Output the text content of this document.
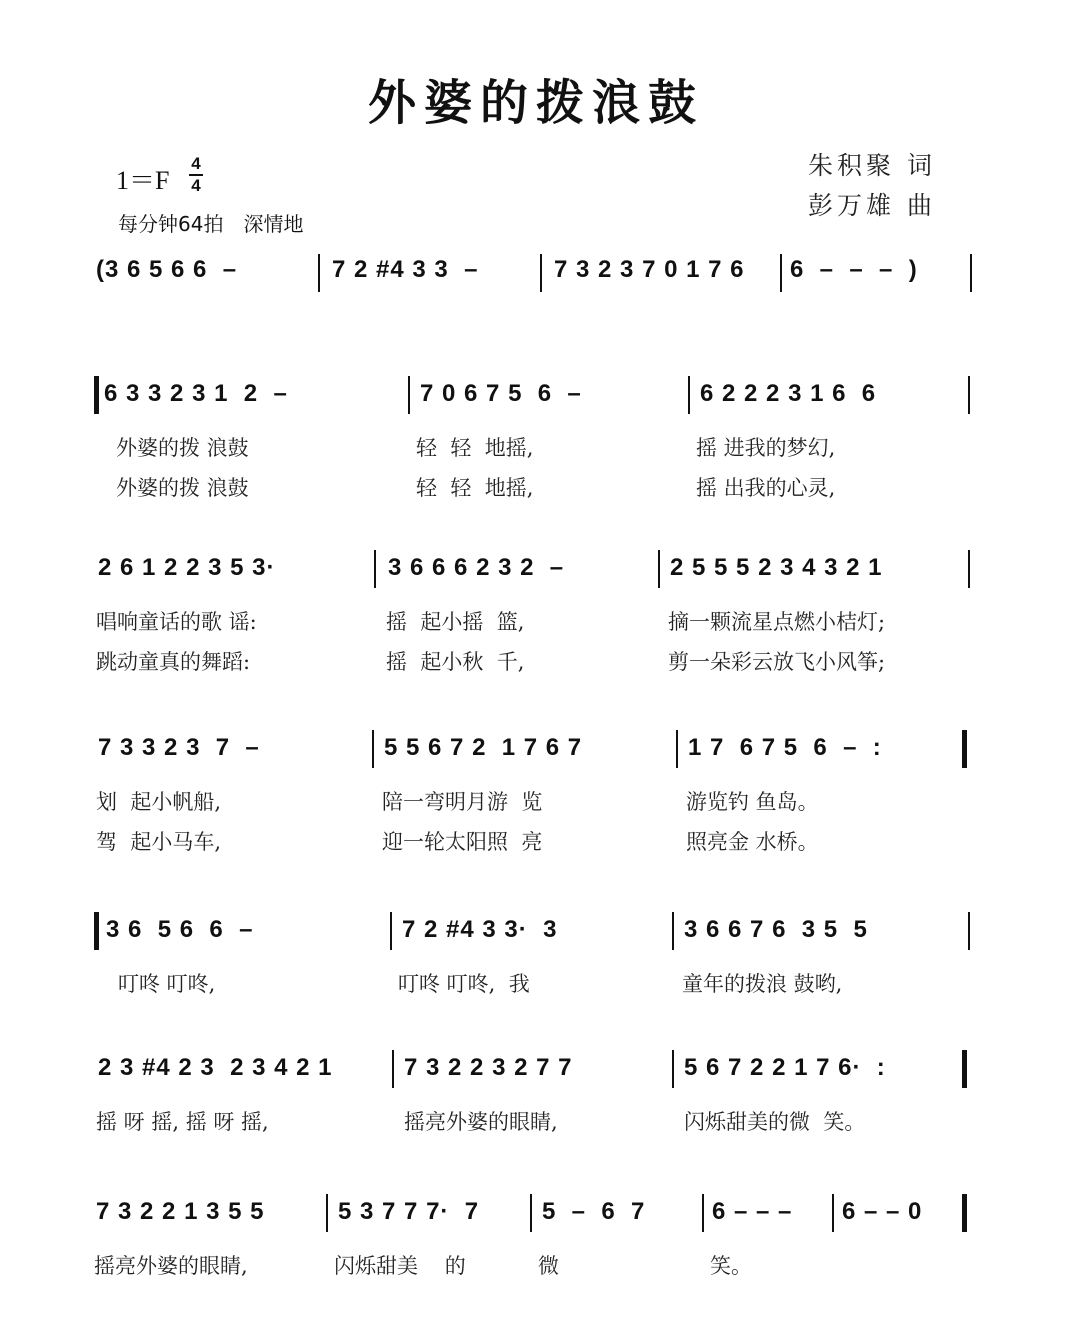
外婆的拨浪鼓
1＝F
4
4
每分钟64拍　深情地
朱积聚 词
彭万雄 曲
(3 6 5 6 6  –	7 2 #4 3 3  –	7 3 2 3 7 0 1 7 6 6  –  –  –  )
6 3 3 2 3 1  2  –	7 0 6 7 5  6  –	6 2 2 2 3 1 6  6
外婆的拨 浪鼓	轻  轻  地摇,	摇 进我的梦幻,
外婆的拨 浪鼓	轻  轻  地摇,	摇 出我的心灵,
2 6 1 2 2 3 5 3·	3 6 6 6 2 3 2  –	2 5 5 5 2 3 4 3 2 1
唱响童话的歌 谣:	摇  起小摇  篮,	摘一颗流星点燃小桔灯;
跳动童真的舞蹈:	摇  起小秋  千,	剪一朵彩云放飞小风筝;
7 3 3 2 3  7  –	5 5 6 7 2  1 7 6 7	1 7  6 7 5  6  –  :
划  起小帆船,	陪一弯明月游  览	游览钓 鱼岛。
驾  起小马车,	迎一轮太阳照  亮	照亮金 水桥。
3 6  5 6  6  –	7 2 #4 3 3·  3	3 6 6 7 6  3 5  5
叮咚 叮咚,	叮咚 叮咚,  我	童年的拨浪 鼓哟,
2 3 #4 2 3  2 3 4 2 1	7 3 2 2 3 2 7 7	5 6 7 2 2 1 7 6·  :
摇 呀 摇, 摇 呀 摇,	摇亮外婆的眼睛,	闪烁甜美的微  笑。
7 3 2 2 1 3 5 5	5 3 7 7 7·  7	5  –  6  7	6 – – – 6 – – 0
摇亮外婆的眼睛,	闪烁甜美    的	微	笑。
